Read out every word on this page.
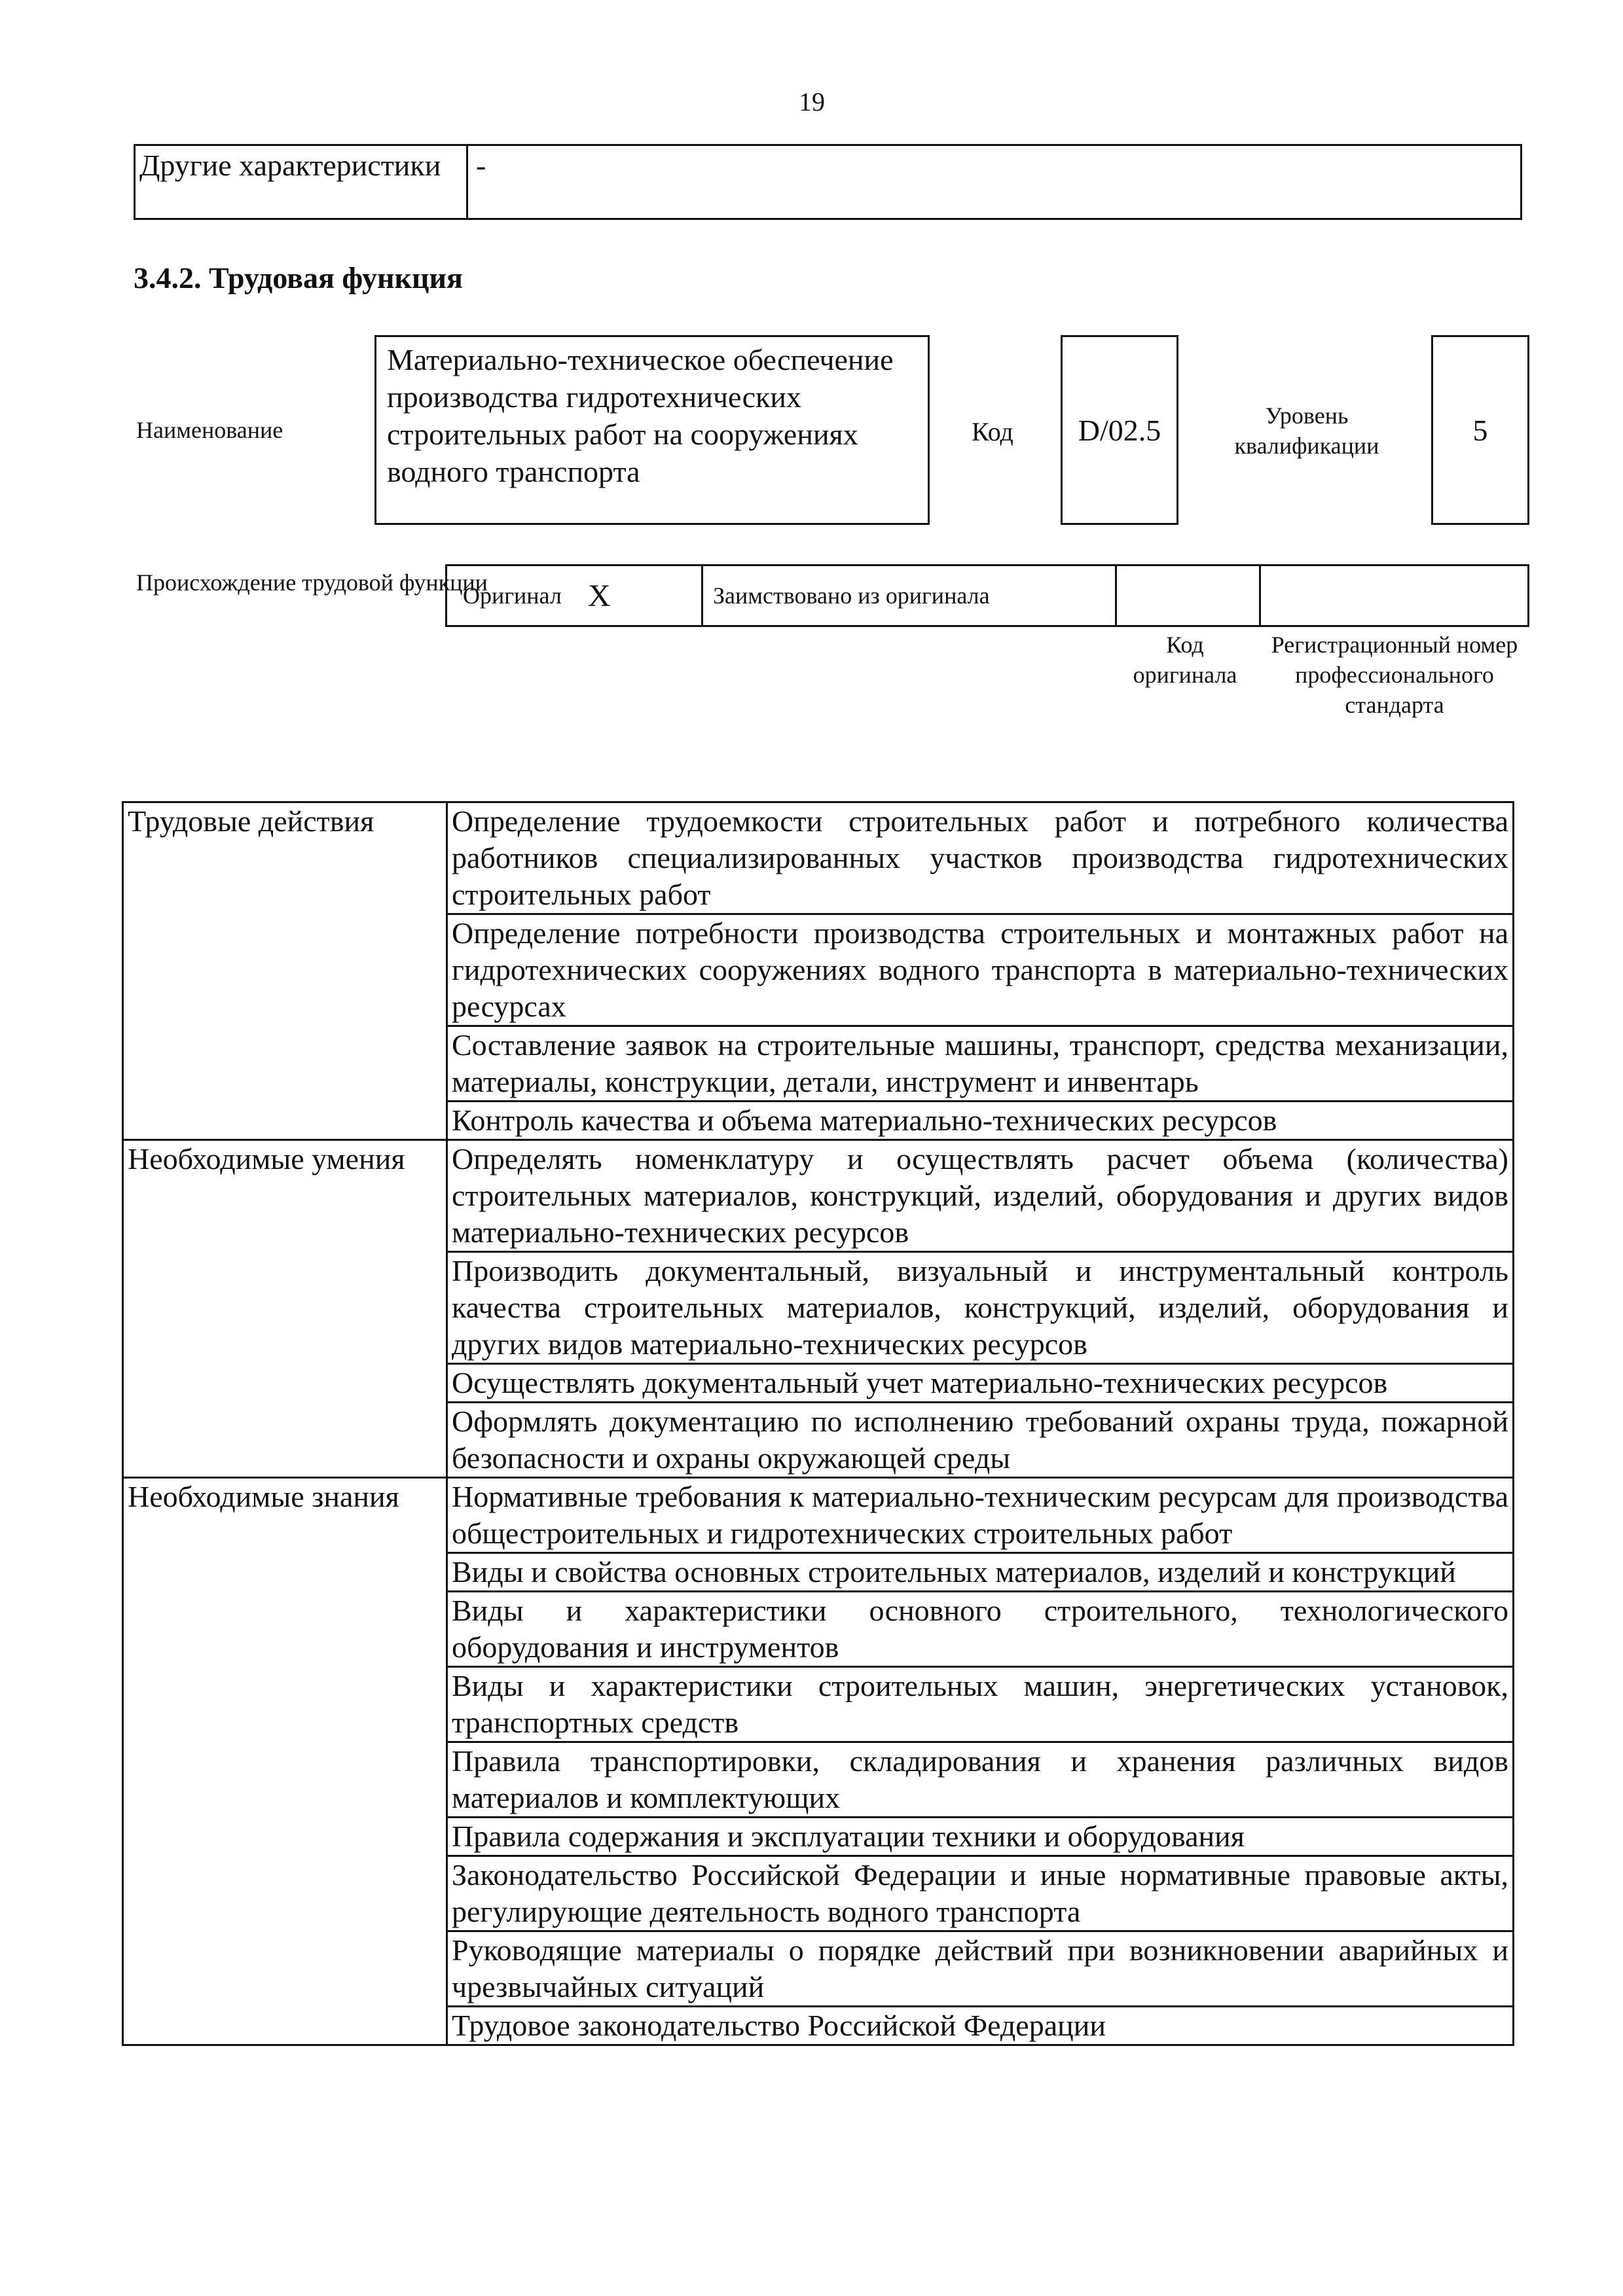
19
Другие характеристики	-
3.4.2. Трудовая функция
Наименование
Материально-техническое обеспечение производства гидротехнических строительных работ на сооружениях водного транспорта
Код	D/02.5	Уровень квалификации	5
Происхождение трудовой функции
Оригинал X	Заимствовано из оригинала
Код оригинала
Регистрационный номер профессионального стандарта
Трудовые действия	Определение трудоемкости строительных работ и потребного количества работников специализированных участков производства гидротехнических строительных работ
	Определение потребности производства строительных и монтажных работ на гидротехнических сооружениях водного транспорта в материально-технических ресурсах
	Составление заявок на строительные машины, транспорт, средства механизации, материалы, конструкции, детали, инструмент и инвентарь
	Контроль качества и объема материально-технических ресурсов
Необходимые умения	Определять номенклатуру и осуществлять расчет объема (количества) строительных материалов, конструкций, изделий, оборудования и других видов материально-технических ресурсов
	Производить документальный, визуальный и инструментальный контроль качества строительных материалов, конструкций, изделий, оборудования и других видов материально-технических ресурсов
	Осуществлять документальный учет материально-технических ресурсов
	Оформлять документацию по исполнению требований охраны труда, пожарной безопасности и охраны окружающей среды
Необходимые знания	Нормативные требования к материально-техническим ресурсам для производства общестроительных и гидротехнических строительных работ
	Виды и свойства основных строительных материалов, изделий и конструкций
	Виды и характеристики основного строительного, технологического оборудования и инструментов
	Виды и характеристики строительных машин, энергетических установок, транспортных средств
	Правила транспортировки, складирования и хранения различных видов материалов и комплектующих
	Правила содержания и эксплуатации техники и оборудования
	Законодательство Российской Федерации и иные нормативные правовые акты, регулирующие деятельность водного транспорта
	Руководящие материалы о порядке действий при возникновении аварийных и чрезвычайных ситуаций
	Трудовое законодательство Российской Федерации
